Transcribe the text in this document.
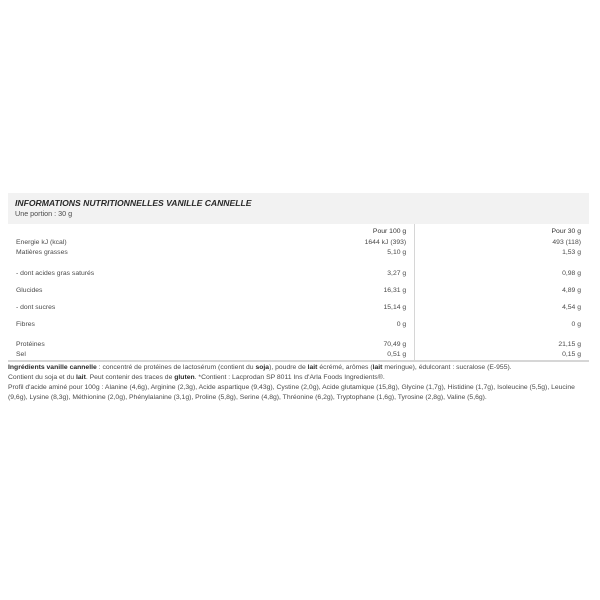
INFORMATIONS NUTRITIONNELLES VANILLE CANNELLE
Une portion : 30 g
	Pour 100 g	Pour 30 g
Energie kJ (kcal)	1644 kJ (393)	493 (118)
Matières grasses	5,10 g	1,53 g
- dont acides gras saturés	3,27 g	0,98 g
Glucides	16,31 g	4,89 g
- dont sucres	15,14 g	4,54 g
Fibres	0 g	0 g
Protéines	70,49 g	21,15 g
Sel	0,51 g	0,15 g
Ingrédients vanille cannelle : concentré de protéines de lactosérum (contient du soja), poudre de lait écrémé, arômes (lait meringue), édulcorant : sucralose (E-955).
Contient du soja et du lait. Peut contenir des traces de gluten. *Contient : Lacprodan SP 8011 Ins d'Arla Foods Ingredients®.
Profil d'acide aminé pour 100g : Alanine (4,6g), Arginine (2,3g), Acide aspartique (9,43g), Cystine (2,0g), Acide glutamique (15,8g), Glycine (1,7g), Histidine (1,7g), Isoleucine (5,5g), Leucine (9,6g), Lysine (8,3g), Méthionine (2,0g), Phénylalanine (3,1g), Proline (5,8g), Serine (4,8g), Thréonine (6,2g), Tryptophane (1,6g), Tyrosine (2,8g), Valine (5,6g).
